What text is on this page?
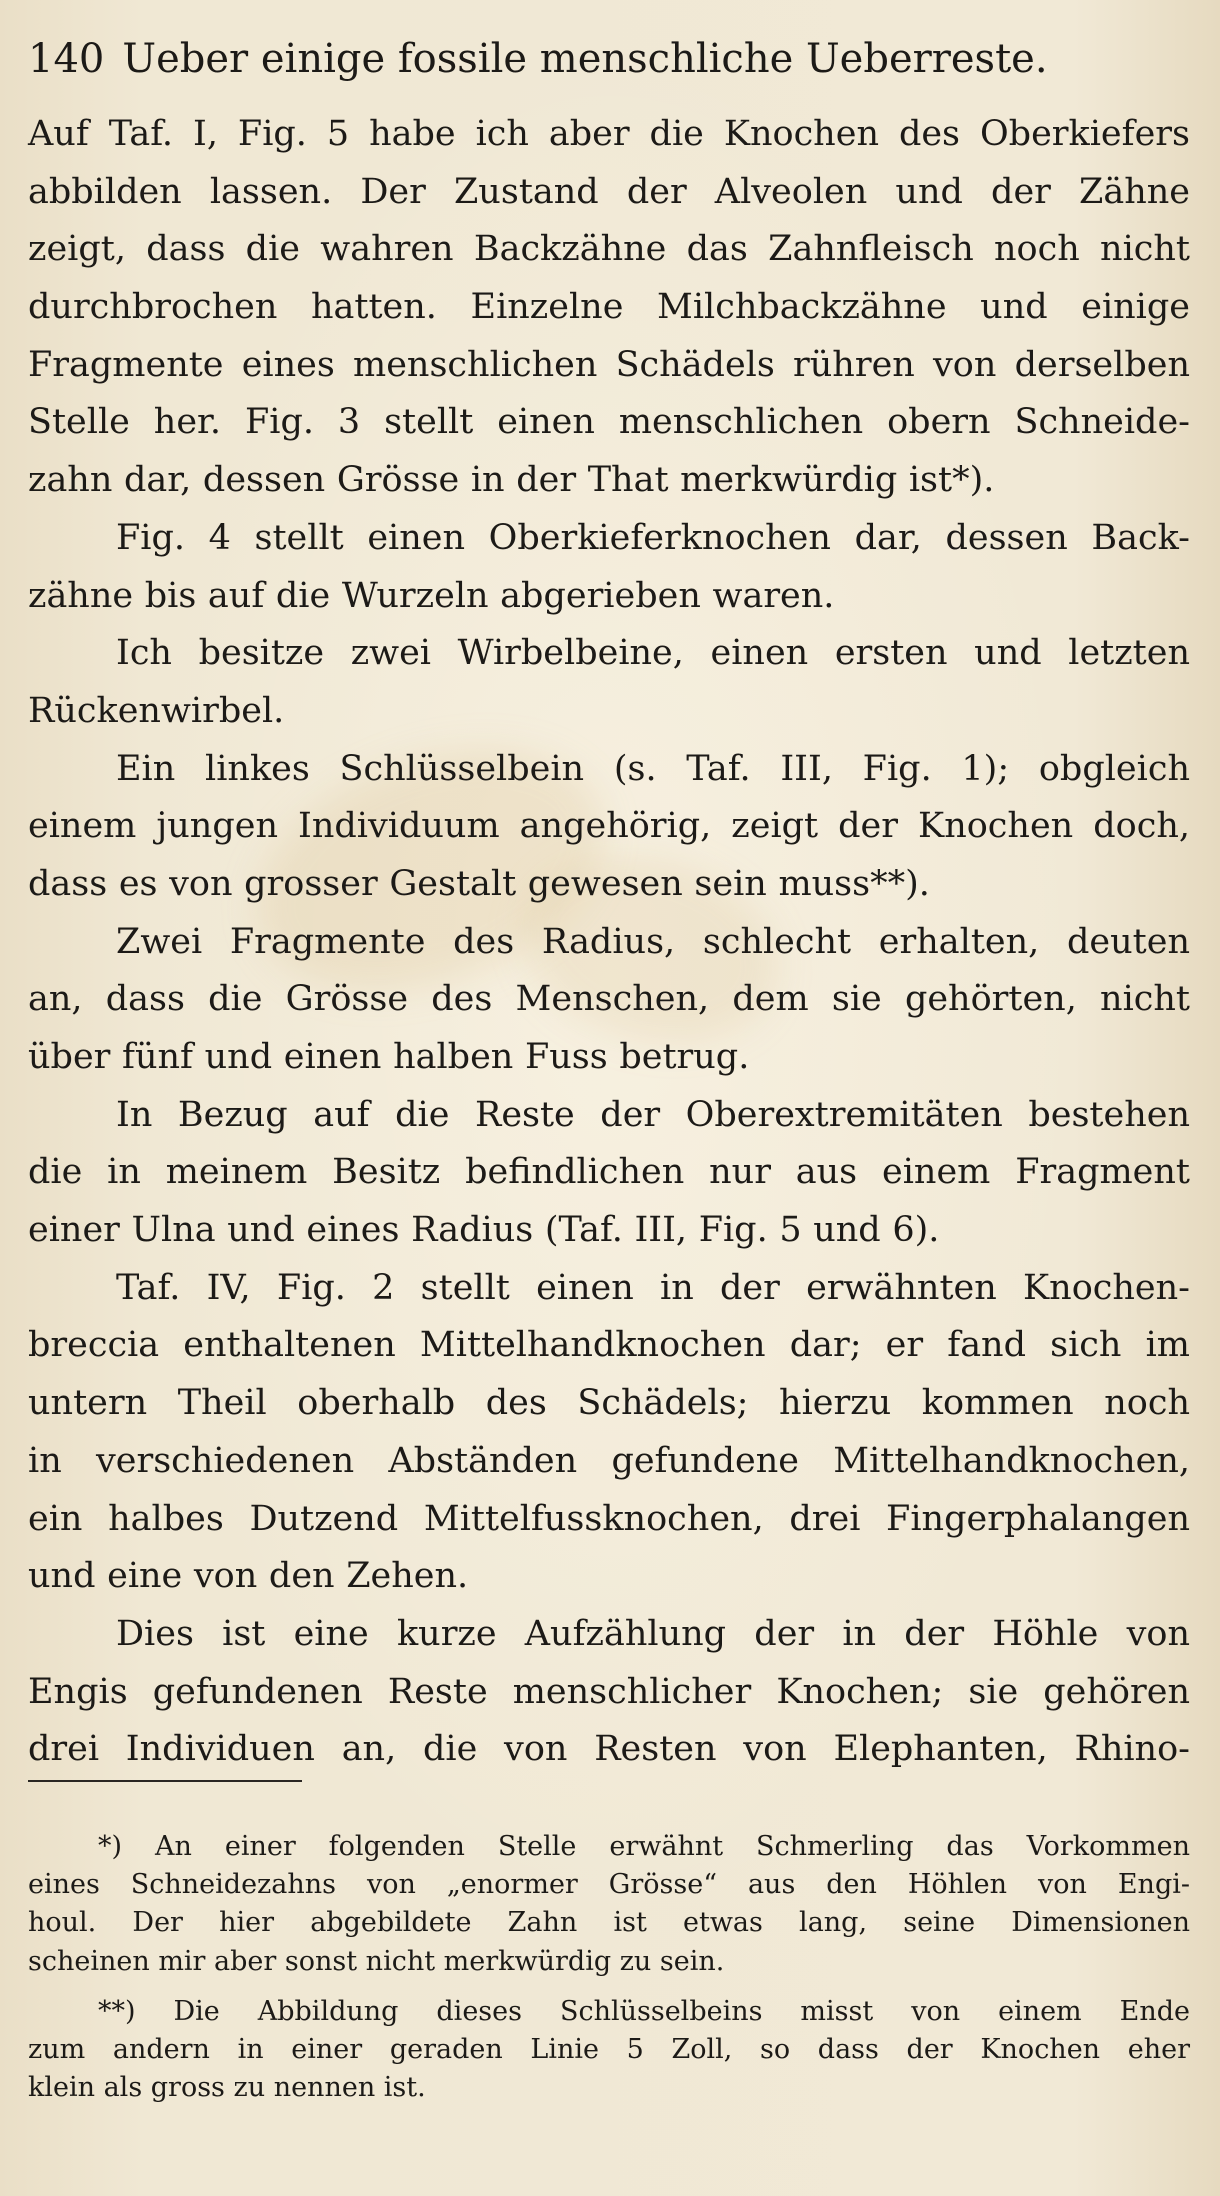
140 Ueber einige fossile menschliche Ueberreste.
Auf Taf. I, Fig. 5 habe ich aber die Knochen des Oberkiefers
abbilden lassen. Der Zustand der Alveolen und der Zähne
zeigt, dass die wahren Backzähne das Zahnfleisch noch nicht
durchbrochen hatten. Einzelne Milchbackzähne und einige
Fragmente eines menschlichen Schädels rühren von derselben
Stelle her. Fig. 3 stellt einen menschlichen obern Schneide-
zahn dar, dessen Grösse in der That merkwürdig ist*).
Fig. 4 stellt einen Oberkieferknochen dar, dessen Back-
zähne bis auf die Wurzeln abgerieben waren.
Ich besitze zwei Wirbelbeine, einen ersten und letzten
Rückenwirbel.
Ein linkes Schlüsselbein (s. Taf. III, Fig. 1); obgleich
einem jungen Individuum angehörig, zeigt der Knochen doch,
dass es von grosser Gestalt gewesen sein muss**).
Zwei Fragmente des Radius, schlecht erhalten, deuten
an, dass die Grösse des Menschen, dem sie gehörten, nicht
über fünf und einen halben Fuss betrug.
In Bezug auf die Reste der Oberextremitäten bestehen
die in meinem Besitz befindlichen nur aus einem Fragment
einer Ulna und eines Radius (Taf. III, Fig. 5 und 6).
Taf. IV, Fig. 2 stellt einen in der erwähnten Knochen-
breccia enthaltenen Mittelhandknochen dar; er fand sich im
untern Theil oberhalb des Schädels; hierzu kommen noch
in verschiedenen Abständen gefundene Mittelhandknochen,
ein halbes Dutzend Mittelfussknochen, drei Fingerphalangen
und eine von den Zehen.
Dies ist eine kurze Aufzählung der in der Höhle von
Engis gefundenen Reste menschlicher Knochen; sie gehören
drei Individuen an, die von Resten von Elephanten, Rhino-
*) An einer folgenden Stelle erwähnt Schmerling das Vorkommen
eines Schneidezahns von „enormer Grösse“ aus den Höhlen von Engi-
houl. Der hier abgebildete Zahn ist etwas lang, seine Dimensionen
scheinen mir aber sonst nicht merkwürdig zu sein.
**) Die Abbildung dieses Schlüsselbeins misst von einem Ende
zum andern in einer geraden Linie 5 Zoll, so dass der Knochen eher
klein als gross zu nennen ist.
